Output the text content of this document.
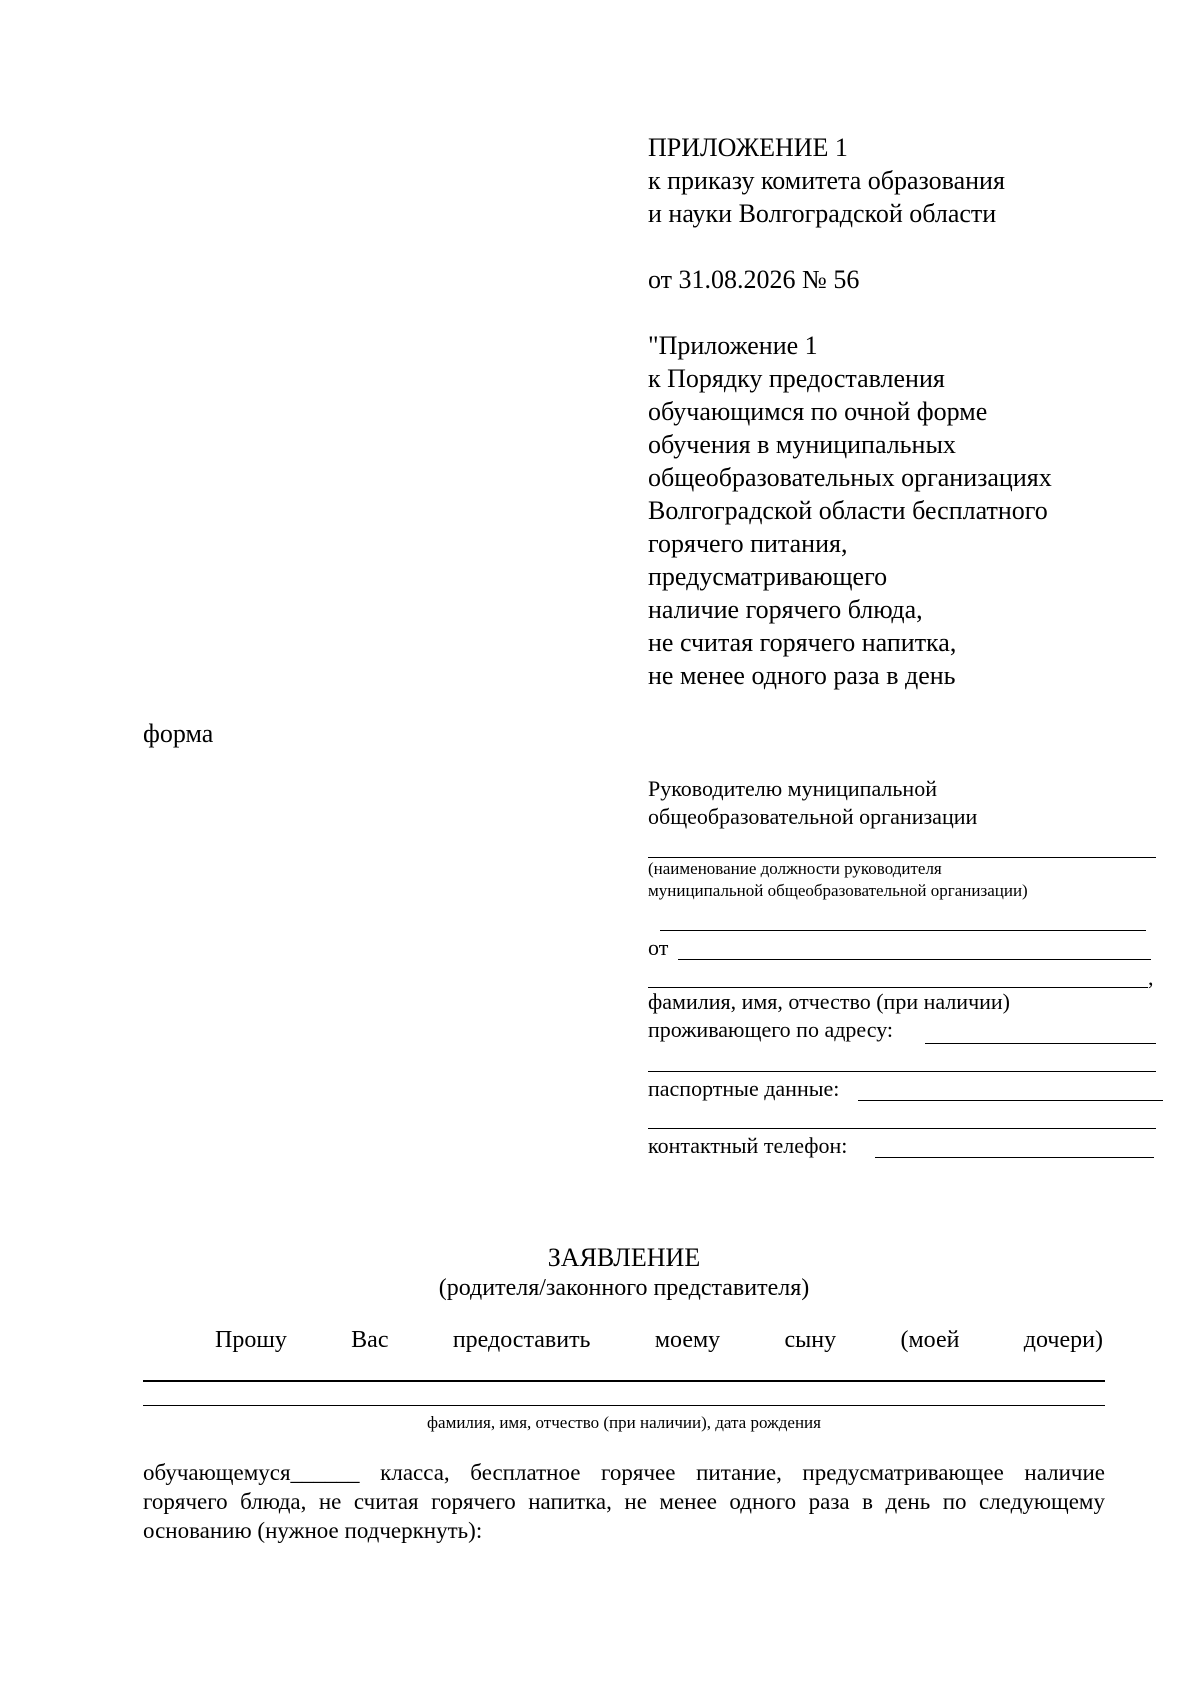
ПРИЛОЖЕНИЕ 1
к приказу комитета образования
и науки Волгоградской области
от 31.08.2026 № 56
"Приложение 1
к Порядку предоставления
обучающимся по очной форме
обучения в муниципальных
общеобразовательных организациях
Волгоградской области бесплатного
горячего питания,
предусматривающего
наличие горячего блюда,
не считая горячего напитка,
не менее одного раза в день
форма
Руководителю муниципальной
общеобразовательной организации
(наименование должности руководителя
муниципальной общеобразовательной организации)
от
,
фамилия, имя, отчество (при наличии)
проживающего по адресу:
паспортные данные:
контактный телефон:
ЗАЯВЛЕНИЕ
(родителя/законного представителя)
Прошу	Вас	предоставить	моему	сыну	(моей	дочери)
фамилия, имя, отчество (при наличии), дата рождения
обучающемуся______ класса, бесплатное горячее питание, предусматривающее наличие горячего блюда, не считая горячего напитка, не менее одного раза в день по следующему основанию (нужное подчеркнуть):
